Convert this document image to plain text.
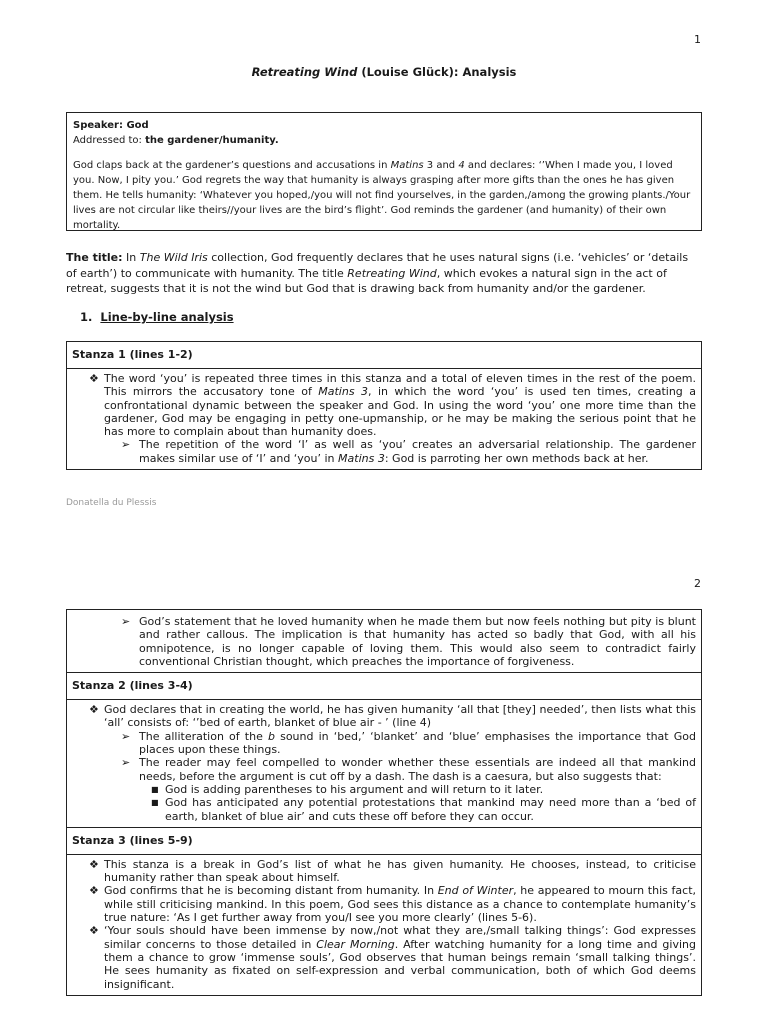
1
Retreating Wind (Louise Glück): Analysis

Speaker: God

Addressed to: the gardener/humanity.

God claps back at the gardener’s questions and accusations in Matins 3 and 4 and declares: ‘’When I made you, I loved you. Now, I pity you.’ God regrets the way that humanity is always grasping after more gifts than the ones he has given them. He tells humanity: ‘Whatever you hoped,/you will not find yourselves, in the garden,/among the growing plants./Your lives are not circular like theirs//your lives are the bird’s flight’. God reminds the gardener (and humanity) of their own mortality.

The title: In The Wild Iris collection, God frequently declares that he uses natural signs (i.e. ‘vehicles’ or ‘details of earth’) to communicate with humanity. The title Retreating Wind, which evokes a natural sign in the act of retreat, suggests that it is not the wind but God that is drawing back from humanity and/or the gardener.
1. Line-by-line analysis
Stanza 1 (lines 1-2)

❖ The word ‘you’ is repeated three times in this stanza and a total of eleven times in the rest of the poem. This mirrors the accusatory tone of Matins 3, in which the word ‘you’ is used ten times, creating a confrontational dynamic between the speaker and God. In using the word ‘you’ one more time than the gardener, God may be engaging in petty one-upmanship, or he may be making the serious point that he has more to complain about than humanity does.
➢ The repetition of the word ‘I’ as well as ‘you’ creates an adversarial relationship. The gardener makes similar use of ‘I’ and ‘you’ in Matins 3: God is parroting her own methods back at her.
Donatella du Plessis
2
➢ God’s statement that he loved humanity when he made them but now feels nothing but pity is blunt and rather callous. The implication is that humanity has acted so badly that God, with all his omnipotence, is no longer capable of loving them. This would also seem to contradict fairly conventional Christian thought, which preaches the importance of forgiveness.

Stanza 2 (lines 3-4)

❖ God declares that in creating the world, he has given humanity ‘all that [they] needed’, then lists what this ‘all’ consists of: ‘’bed of earth, blanket of blue air - ’ (line 4)
➢ The alliteration of the b sound in ‘bed,’ ‘blanket’ and ‘blue’ emphasises the importance that God places upon these things.
➢ The reader may feel compelled to wonder whether these essentials are indeed all that mankind needs, before the argument is cut off by a dash. The dash is a caesura, but also suggests that:
■ God is adding parentheses to his argument and will return to it later.
■ God has anticipated any potential protestations that mankind may need more than a ‘bed of earth, blanket of blue air’ and cuts these off before they can occur.

Stanza 3 (lines 5-9)

❖ This stanza is a break in God’s list of what he has given humanity. He chooses, instead, to criticise humanity rather than speak about himself.
❖ God confirms that he is becoming distant from humanity. In End of Winter, he appeared to mourn this fact, while still criticising mankind. In this poem, God sees this distance as a chance to contemplate humanity’s true nature: ‘As I get further away from you/I see you more clearly’ (lines 5-6).
❖ ‘Your souls should have been immense by now,/not what they are,/small talking things’: God expresses similar concerns to those detailed in Clear Morning. After watching humanity for a long time and giving them a chance to grow ‘immense souls’, God observes that human beings remain ‘small talking things’. He sees humanity as fixated on self-expression and verbal communication, both of which God deems insignificant.
